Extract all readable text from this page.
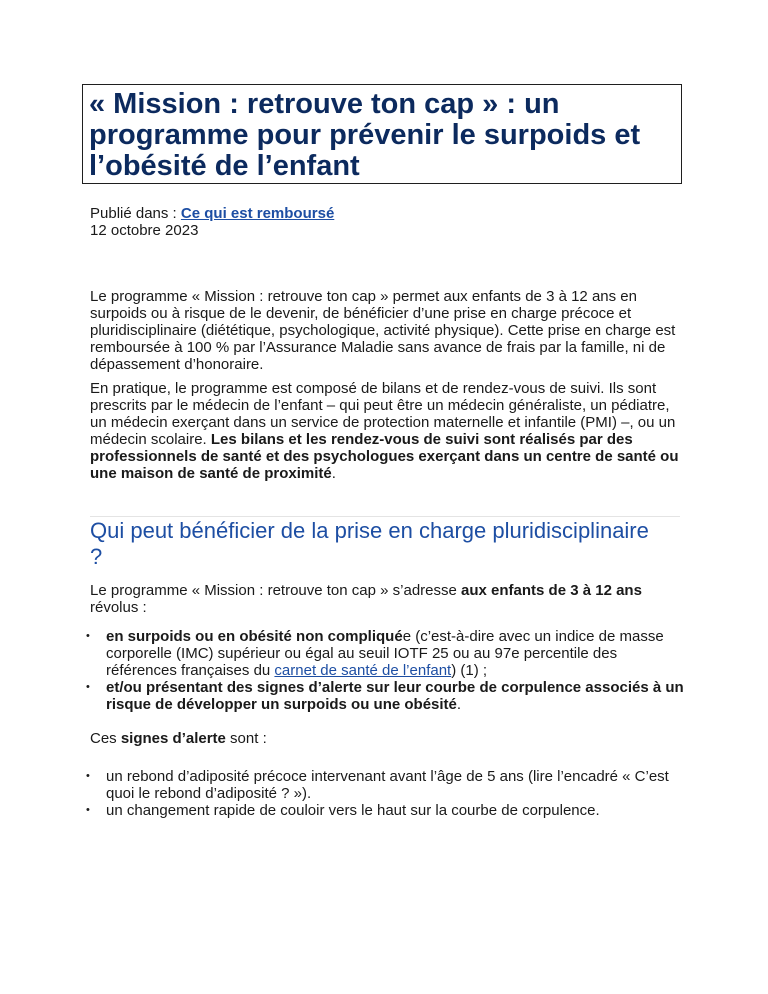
« Mission : retrouve ton cap » : un programme pour prévenir le surpoids et l’obésité de l’enfant
Publié dans : Ce qui est remboursé
12 octobre 2023

Le programme « Mission : retrouve ton cap » permet aux enfants de 3 à 12 ans en surpoids ou à risque de le devenir, de bénéficier d’une prise en charge précoce et pluridisciplinaire (diététique, psychologique, activité physique). Cette prise en charge est remboursée à 100 % par l’Assurance Maladie sans avance de frais par la famille, ni de dépassement d’honoraire.

En pratique, le programme est composé de bilans et de rendez-vous de suivi. Ils sont prescrits par le médecin de l’enfant – qui peut être un médecin généraliste, un pédiatre, un médecin exerçant dans un service de protection maternelle et infantile (PMI) –, ou un médecin scolaire. Les bilans et les rendez-vous de suivi sont réalisés par des professionnels de santé et des psychologues exerçant dans un centre de santé ou une maison de santé de proximité.

Qui peut bénéficier de la prise en charge pluridisciplinaire ?

Le programme « Mission : retrouve ton cap » s’adresse aux enfants de 3 à 12 ans révolus :

• en surpoids ou en obésité non compliquée (c’est-à-dire avec un indice de masse corporelle (IMC) supérieur ou égal au seuil IOTF 25 ou au 97e percentile des références françaises du carnet de santé de l’enfant) (1) ;
• et/ou présentant des signes d’alerte sur leur courbe de corpulence associés à un risque de développer un surpoids ou une obésité.

Ces signes d’alerte sont :

• un rebond d’adiposité précoce intervenant avant l’âge de 5 ans (lire l’encadré « C’est quoi le rebond d’adiposité ? »).
• un changement rapide de couloir vers le haut sur la courbe de corpulence.
